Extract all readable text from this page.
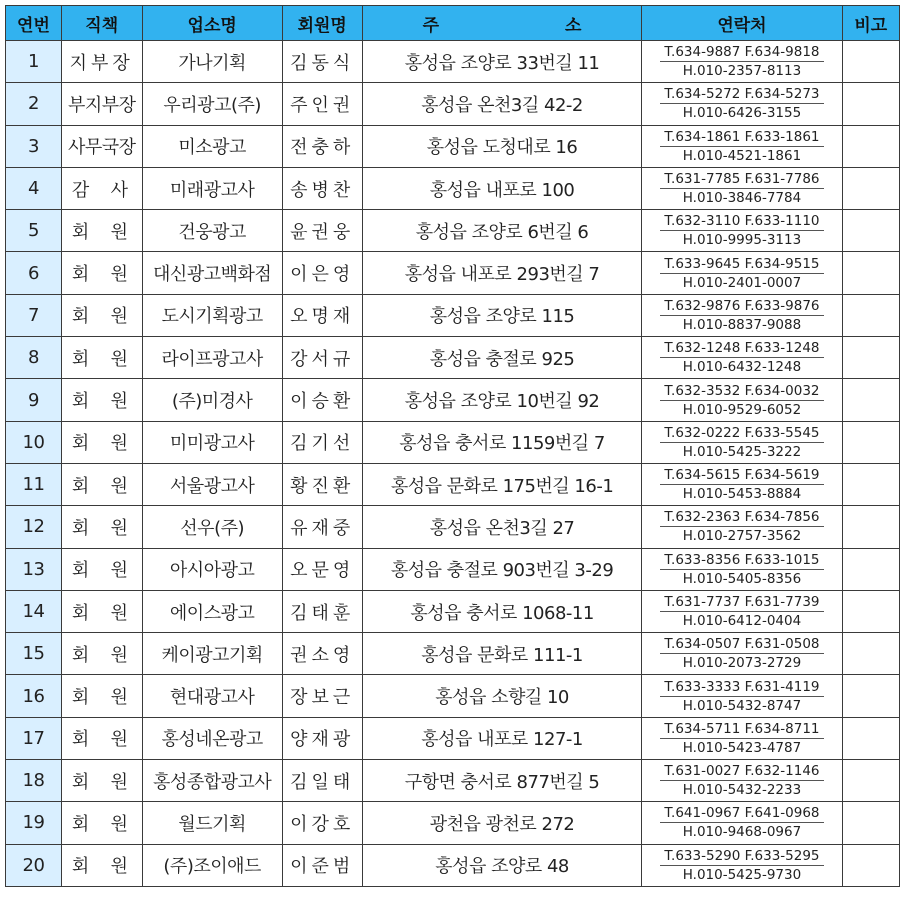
연번	직책	업소명	회원명	주 소	연락처	비고
1	지부장	가나기획	김동식	홍성읍 조양로 33번길 11	T.634-9887 F.634-9818
H.010-2357-8113	

2	부지부장	우리광고(주)	주인권	홍성읍 온천3길 42-2	T.634-5272 F.634-5273
H.010-6426-3155	

3	사무국장	미소광고	전충하	홍성읍 도청대로 16	T.634-1861 F.633-1861
H.010-4521-1861	

4	감 사	미래광고사	송병찬	홍성읍 내포로 100	T.631-7785 F.631-7786
H.010-3846-7784	

5	회 원	건웅광고	윤권웅	홍성읍 조양로 6번길 6	T.632-3110 F.633-1110
H.010-9995-3113	

6	회 원	대신광고백화점	이은영	홍성읍 내포로 293번길 7	T.633-9645 F.634-9515
H.010-2401-0007	

7	회 원	도시기획광고	오명재	홍성읍 조양로 115	T.632-9876 F.633-9876
H.010-8837-9088	

8	회 원	라이프광고사	강서규	홍성읍 충절로 925	T.632-1248 F.633-1248
H.010-6432-1248	

9	회 원	(주)미경사	이승환	홍성읍 조양로 10번길 92	T.632-3532 F.634-0032
H.010-9529-6052	

10	회 원	미미광고사	김기선	홍성읍 충서로 1159번길 7	T.632-0222 F.633-5545
H.010-5425-3222	

11	회 원	서울광고사	황진환	홍성읍 문화로 175번길 16-1	T.634-5615 F.634-5619
H.010-5453-8884	

12	회 원	선우(주)	유재중	홍성읍 온천3길 27	T.632-2363 F.634-7856
H.010-2757-3562	

13	회 원	아시아광고	오문영	홍성읍 충절로 903번길 3-29	T.633-8356 F.633-1015
H.010-5405-8356	

14	회 원	에이스광고	김태훈	홍성읍 충서로 1068-11	T.631-7737 F.631-7739
H.010-6412-0404	

15	회 원	케이광고기획	권소영	홍성읍 문화로 111-1	T.634-0507 F.631-0508
H.010-2073-2729	

16	회 원	현대광고사	장보근	홍성읍 소향길 10	T.633-3333 F.631-4119
H.010-5432-8747	

17	회 원	홍성네온광고	양재광	홍성읍 내포로 127-1	T.634-5711 F.634-8711
H.010-5423-4787	

18	회 원	홍성종합광고사	김일태	구항면 충서로 877번길 5	T.631-0027 F.632-1146
H.010-5432-2233	

19	회 원	월드기획	이강호	광천읍 광천로 272	T.641-0967 F.641-0968
H.010-9468-0967	

20	회 원	(주)조이애드	이준범	홍성읍 조양로 48	T.633-5290 F.633-5295
H.010-5425-9730	
